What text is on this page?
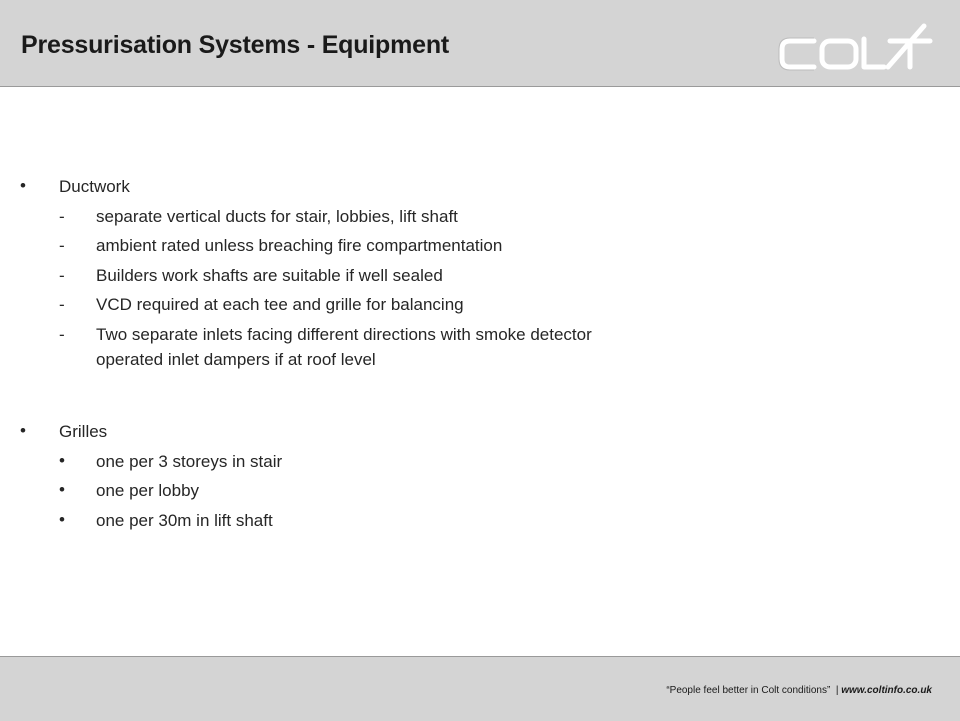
Pressurisation Systems - Equipment
• Ductwork
- separate vertical ducts for stair, lobbies, lift shaft
- ambient rated unless breaching fire compartmentation
- Builders work shafts are suitable if well sealed
- VCD required at each tee and grille for balancing
- Two separate inlets facing different directions with smoke detector
operated inlet dampers if at roof level
• Grilles
• one per 3 storeys in stair
• one per lobby
• one per 30m in lift shaft
“People feel better in Colt conditions” | www.coltinfo.co.uk
